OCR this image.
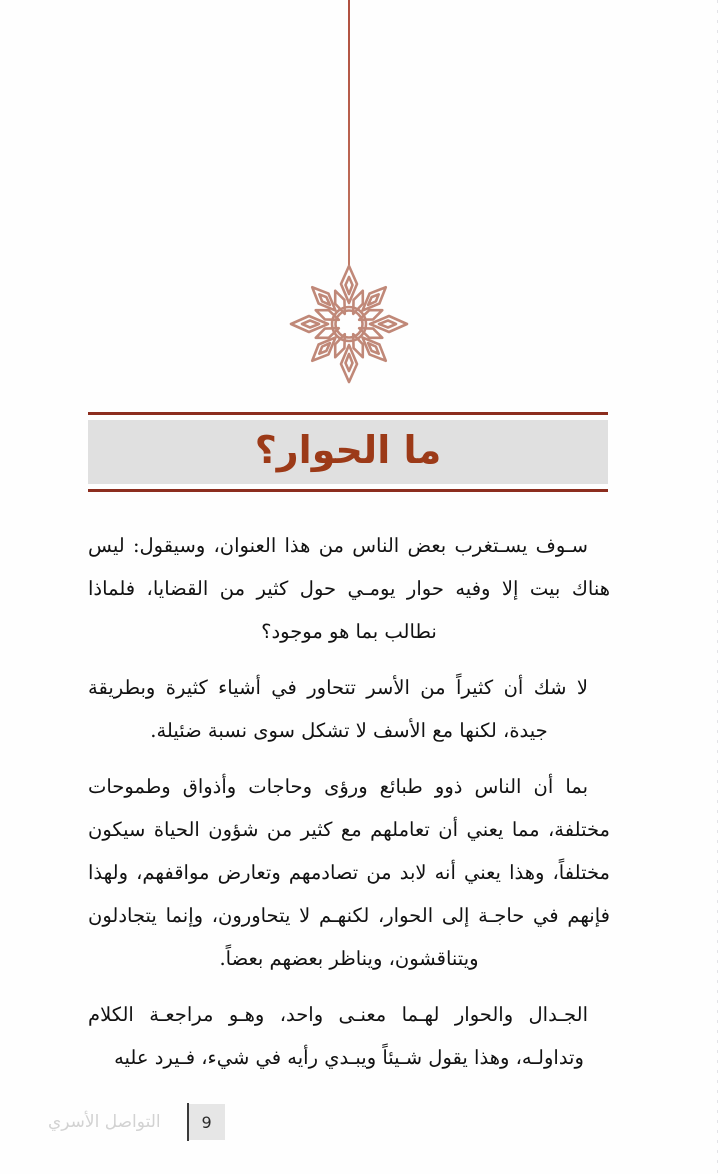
ما الحوار؟

سـوف يسـتغرب بعض الناس من هذا العنوان، وسيقول: ليس هناك بيت إلا وفيه حوار يومـي حول كثير من القضايا، فلماذا نطالب بما هو موجود؟

لا شك أن كثيراً من الأسر تتحاور في أشياء كثيرة وبطريقة جيدة، لكنها مع الأسف لا تشكل سوى نسبة ضئيلة.

بما أن الناس ذوو طبائع ورؤى وحاجات وأذواق وطموحات مختلفة، مما يعني أن تعاملهم مع كثير من شؤون الحياة سيكون مختلفاً، وهذا يعني أنه لابد من تصادمهم وتعارض مواقفهم، ولهذا فإنهم في حاجـة إلى الحوار، لكنهـم لا يتحاورون، وإنما يتجادلون ويتناقشون، ويناظر بعضهم بعضاً.

الجـدال والحوار لهـما معنـى واحد، وهـو مراجعـة الكلام وتداولـه، وهذا يقول شـيئاً ويبـدي رأيه في شيء، فـيرد عليه

9
التواصل الأسري
